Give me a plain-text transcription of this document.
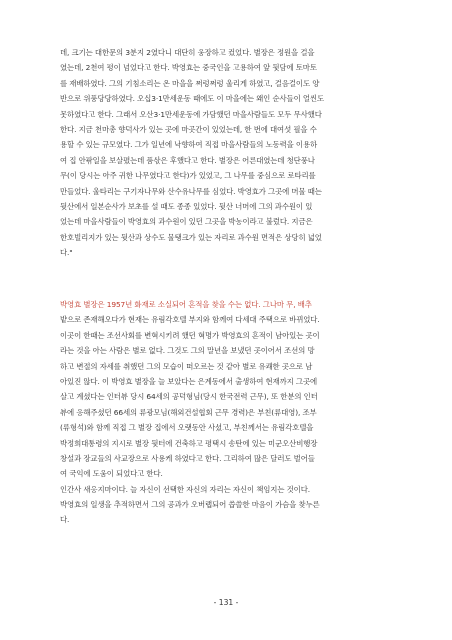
데, 크기는 대한문의 3분지 2였다니 대단히 웅장하고 컸었다. 별장은 정원을 걸을
였는데, 2천여 평이 넘었다고 한다. 박영효는 중국인을 고용하여 앞 뒷담에 토마토
를 재배하였다. 그의 기침소리는 온 마을을 쩌렁쩌렁 울리게 하였고, 걸음걸이도 양
반으로 위풍당당하였다. 오십3·1만세운동 때에도 이 마을에는 왜인 순사들이 얼씬도
못하였다고 한다. 그래서 오산3·1만세운동에 가담했던 마을사람들도 모두 무사했다
한다. 지금 천마총 향덕사가 있는 곳에 마곳간이 있었는데, 한 번에 대여섯 필을 수
용할 수 있는 규모였다. 그가 일년에 낙향하여 직접 마을사람들의 노동력을 이용하
여 집 안팎일을 보살폈는데 품삯은 후했다고 한다. 별장은 어른대였는데 청단풍나
무(이 당시는 아주 귀한 나무였다고 한다)가 있었고, 그 나무를 중심으로 로타리를
만들었다. 울타리는 구기자나무와 산수유나무를 심었다. 박영효가 그곳에 머물 때는
뒷산에서 일본순사가 보초를 설 때도 종종 있었다. 뒷산 너머에 그의 과수원이 있
었는데 마을사람들이 박영효의 과수원이 있던 그곳을 박농이라고 불렀다. 지금은
한호빌리지가 있는 뒷산과 상수도 물탱크가 있는 자리로 과수원 면적은 상당히 넓었
다."
박영효 별장은 1957년 화재로 소실되어 흔적을 찾을 수는 없다. 그나마 무, 배추
밭으로 존재해오다가 현재는 유림각호텔 부지와 함께여 다세대 주택으로 바뀌었다.
이곳이 한때는 조선사회를 변혁시키려 했던 혁명가 박영효의 흔적이 남아있는 곳이
라는 것을 아는 사람은 별로 없다. 그것도 그의 말년을 보냈던 곳이어서 조선의 망
하고 변절의 자세를 취했던 그의 모습이 떠오르는 것 같아 별로 유쾌한 곳으로 남
아있진 않다. 이 박영효 별장을 늘 보았다는 은계동에서 출생하여 현재까지 그곳에
살고 계셨다는 인터뷰 당시 64세의 공덕형님(당시 한국전력 근무), 또 한분의 인터
뷰에 응해주셨던 66세의 류광모님(해외건설협회 근무 경력)은 부친(류대영), 조부
(류형석)와 함께 직접 그 별장 집에서 오랫동안 사셨고, 부친께서는 유림각호텔을
박정희대통령의 지시로 별장 뒷터에 건축하고 평택시 송탄에 있는 미군오산비행장
창설과 장교들의 사교장으로 사용케 하였다고 한다. 그리하여 많은 달러도 벌어들
여 국익에 도움이 되었다고 한다.
인간사 새옹지마이다. 늘 자신이 선택한 자신의 자리는 자신이 책임지는 것이다.
박영효의 일생을 추적하면서 그의 공과가 오버랩되어 씁쓸한 마음이 가슴을 찾누른
다.
- 131 -
